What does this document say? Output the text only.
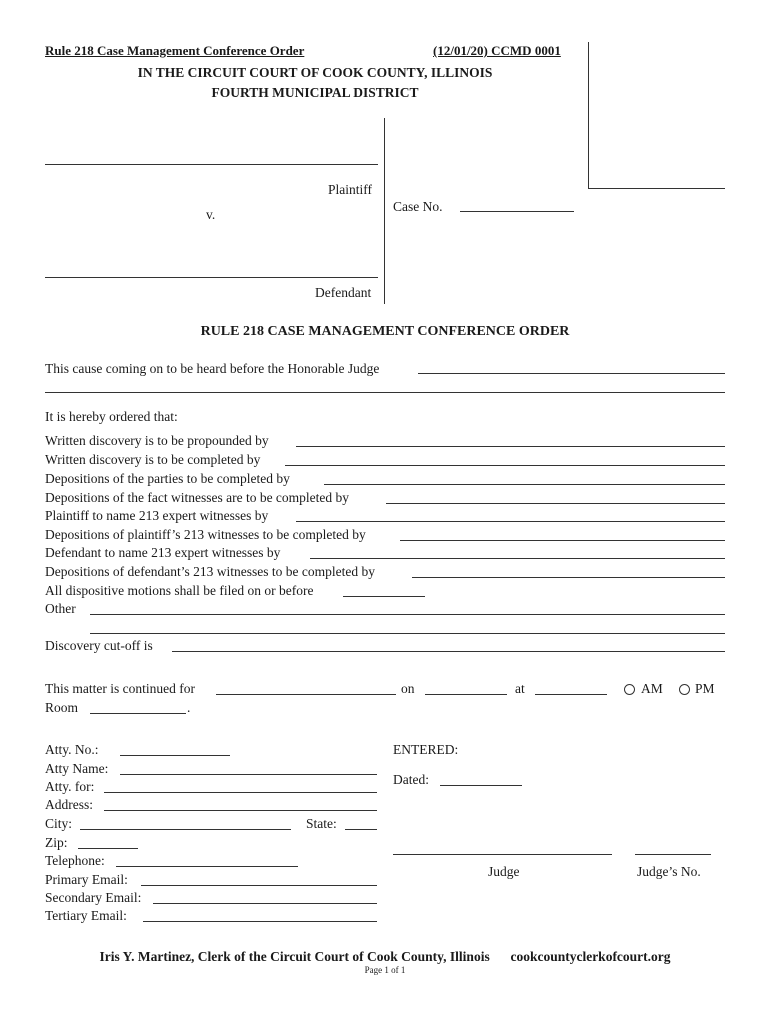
Rule 218 Case Management Conference Order	(12/01/20) CCMD 0001
IN THE CIRCUIT COURT OF COOK COUNTY, ILLINOIS
FOURTH MUNICIPAL DISTRICT
Plaintiff
v.
Defendant
Case No.
RULE 218 CASE MANAGEMENT CONFERENCE ORDER
This cause coming on to be heard before the Honorable Judge
It is hereby ordered that:
Written discovery is to be propounded by
Written discovery is to be completed by
Depositions of the parties to be completed by
Depositions of the fact witnesses are to be completed by
Plaintiff to name 213 expert witnesses by
Depositions of plaintiff’s 213 witnesses to be completed by
Defendant to name 213 expert witnesses by
Depositions of defendant’s 213 witnesses to be completed by
All dispositive motions shall be filed on or before
Other
Discovery cut-off is
This matter is continued for	on	at	AM PM
Room	.
Atty. No.:
Atty Name:
Atty. for:
Address:
City:	State:
Zip:
Telephone:
Primary Email:
Secondary Email:
Tertiary Email:
ENTERED:
Dated:
Judge	Judge’s No.
Iris Y. Martinez, Clerk of the Circuit Court of Cook County, Illinois cookcountyclerkofcourt.org
Page 1 of 1
